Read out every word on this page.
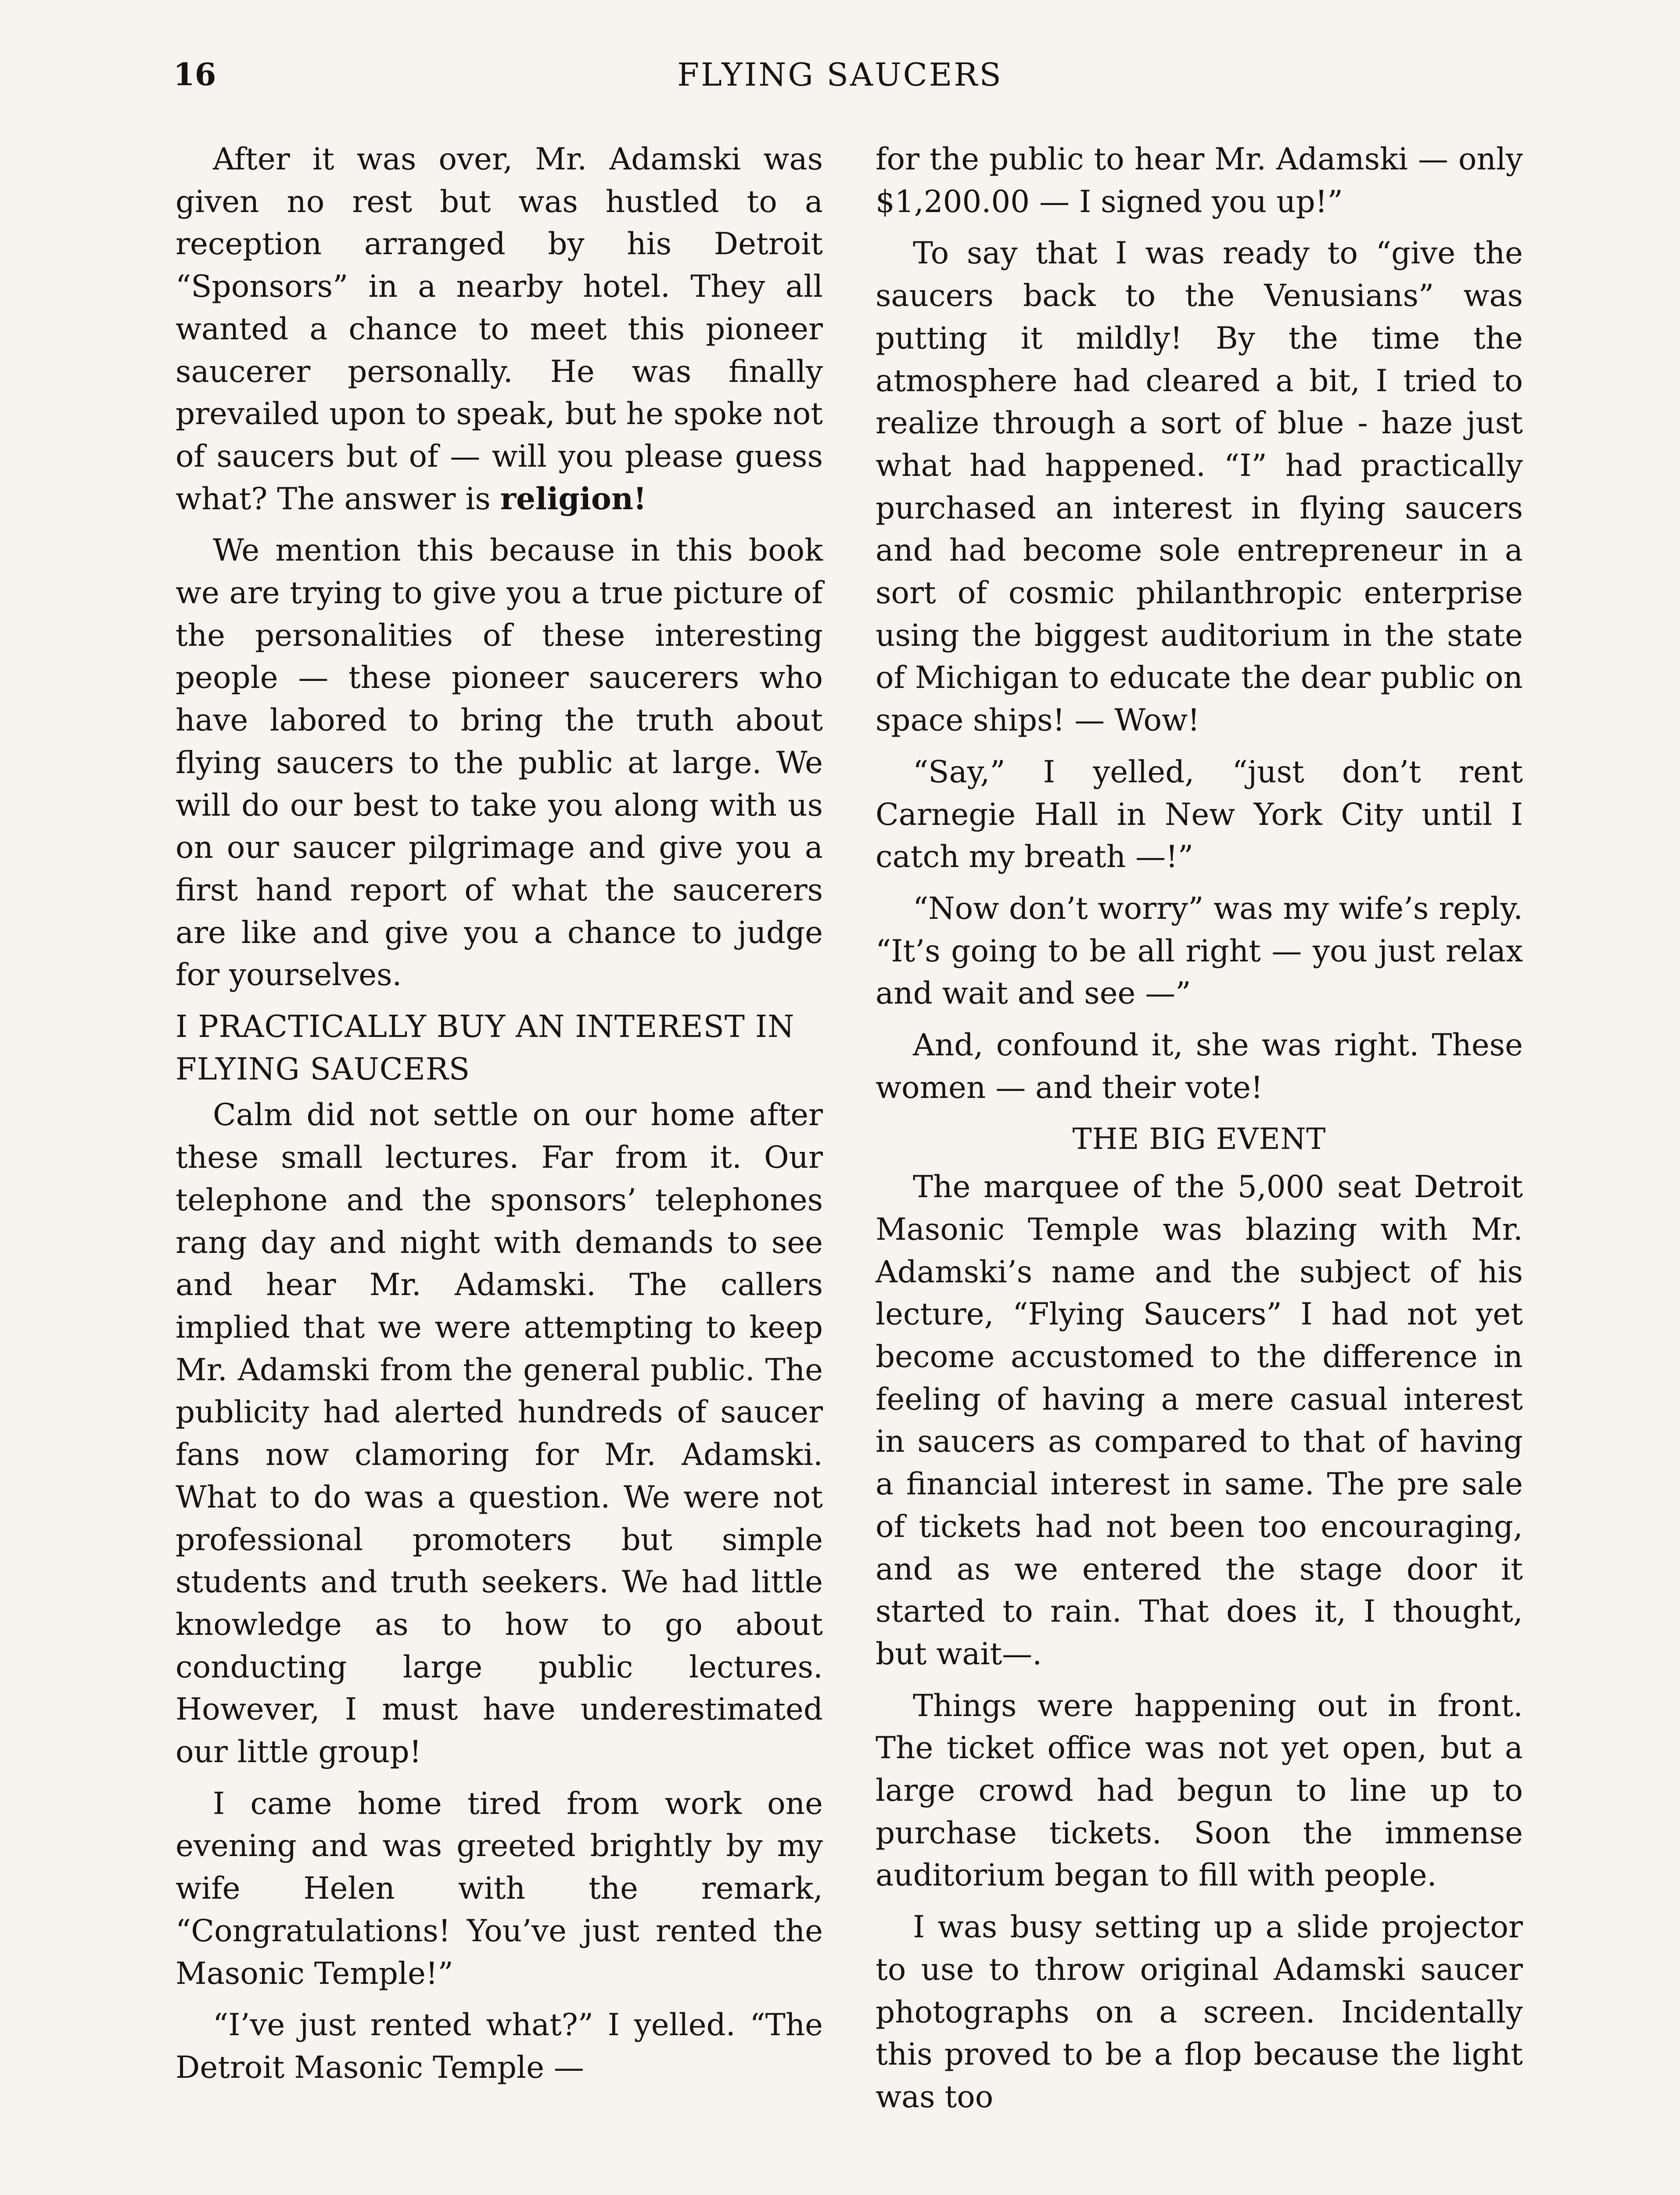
16	FLYING SAUCERS

After it was over, Mr. Adamski was given no rest but was hustled to a reception arranged by his Detroit “Sponsors” in a nearby hotel. They all wanted a chance to meet this pioneer saucerer personally. He was finally prevailed upon to speak, but he spoke not of saucers but of — will you please guess what? The answer is religion!

We mention this because in this book we are trying to give you a true picture of the personalities of these interesting people — these pioneer saucerers who have labored to bring the truth about flying saucers to the public at large. We will do our best to take you along with us on our saucer pilgrimage and give you a first hand report of what the saucerers are like and give you a chance to judge for yourselves.

I PRACTICALLY BUY AN INTEREST IN FLYING SAUCERS

Calm did not settle on our home after these small lectures. Far from it. Our telephone and the sponsors’ telephones rang day and night with demands to see and hear Mr. Adamski. The callers implied that we were attempting to keep Mr. Adamski from the general public. The publicity had alerted hundreds of saucer fans now clamoring for Mr. Adamski. What to do was a question. We were not professional promoters but simple students and truth seekers. We had little knowledge as to how to go about conducting large public lectures. However, I must have underestimated our little group!

I came home tired from work one evening and was greeted brightly by my wife Helen with the remark, “Congratulations! You’ve just rented the Masonic Temple!”

“I’ve just rented what?” I yelled. “The Detroit Masonic Temple —

for the public to hear Mr. Adamski — only $1,200.00 — I signed you up!”

To say that I was ready to “give the saucers back to the Venusians” was putting it mildly! By the time the atmosphere had cleared a bit, I tried to realize through a sort of blue - haze just what had happened. “I” had practically purchased an interest in flying saucers and had become sole entrepreneur in a sort of cosmic philanthropic enterprise using the biggest auditorium in the state of Michigan to educate the dear public on space ships! — Wow!

“Say,” I yelled, “just don’t rent Carnegie Hall in New York City until I catch my breath —!”

“Now don’t worry” was my wife’s reply. “It’s going to be all right — you just relax and wait and see —”

And, confound it, she was right. These women — and their vote!

THE BIG EVENT

The marquee of the 5,000 seat Detroit Masonic Temple was blazing with Mr. Adamski’s name and the subject of his lecture, “Flying Saucers” I had not yet become accustomed to the difference in feeling of having a mere casual interest in saucers as compared to that of having a financial interest in same. The pre sale of tickets had not been too encouraging, and as we entered the stage door it started to rain. That does it, I thought, but wait—.

Things were happening out in front. The ticket office was not yet open, but a large crowd had begun to line up to purchase tickets. Soon the immense auditorium began to fill with people.

I was busy setting up a slide projector to use to throw original Adamski saucer photographs on a screen. Incidentally this proved to be a flop because the light was too
